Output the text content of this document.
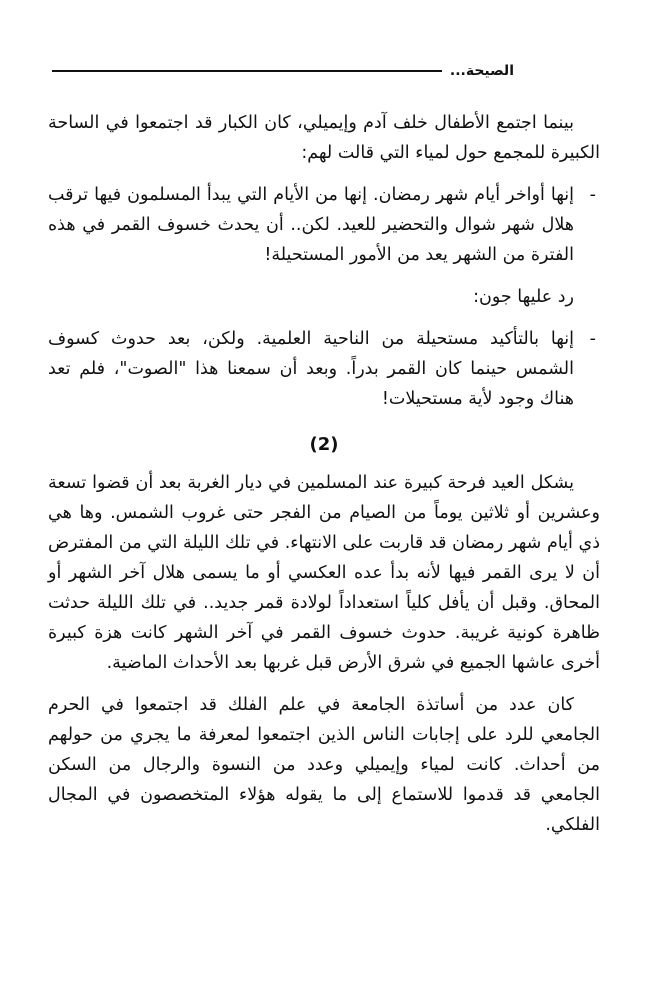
الصيحة...

بينما اجتمع الأطفال خلف آدم وإيميلي، كان الكبار قد اجتمعوا في الساحة الكبيرة للمجمع حول لمياء التي قالت لهم:

- إنها أواخر أيام شهر رمضان. إنها من الأيام التي يبدأ المسلمون فيها ترقب هلال شهر شوال والتحضير للعيد. لكن.. أن يحدث خسوف القمر في هذه الفترة من الشهر يعد من الأمور المستحيلة!

رد عليها جون:

- إنها بالتأكيد مستحيلة من الناحية العلمية. ولكن، بعد حدوث كسوف الشمس حينما كان القمر بدراً. وبعد أن سمعنا هذا "الصوت"، فلم تعد هناك وجود لأية مستحيلات!

(2)

يشكل العيد فرحة كبيرة عند المسلمين في ديار الغربة بعد أن قضوا تسعة وعشرين أو ثلاثين يوماً من الصيام من الفجر حتى غروب الشمس. وها هي ذي أيام شهر رمضان قد قاربت على الانتهاء. في تلك الليلة التي من المفترض أن لا يرى القمر فيها لأنه بدأ عده العكسي أو ما يسمى هلال آخر الشهر أو المحاق. وقبل أن يأفل كلياً استعداداً لولادة قمر جديد.. في تلك الليلة حدثت ظاهرة كونية غريبة. حدوث خسوف القمر في آخر الشهر كانت هزة كبيرة أخرى عاشها الجميع في شرق الأرض قبل غربها بعد الأحداث الماضية.

كان عدد من أساتذة الجامعة في علم الفلك قد اجتمعوا في الحرم الجامعي للرد على إجابات الناس الذين اجتمعوا لمعرفة ما يجري من حولهم من أحداث. كانت لمياء وإيميلي وعدد من النسوة والرجال من السكن الجامعي قد قدموا للاستماع إلى ما يقوله هؤلاء المتخصصون في المجال الفلكي.
